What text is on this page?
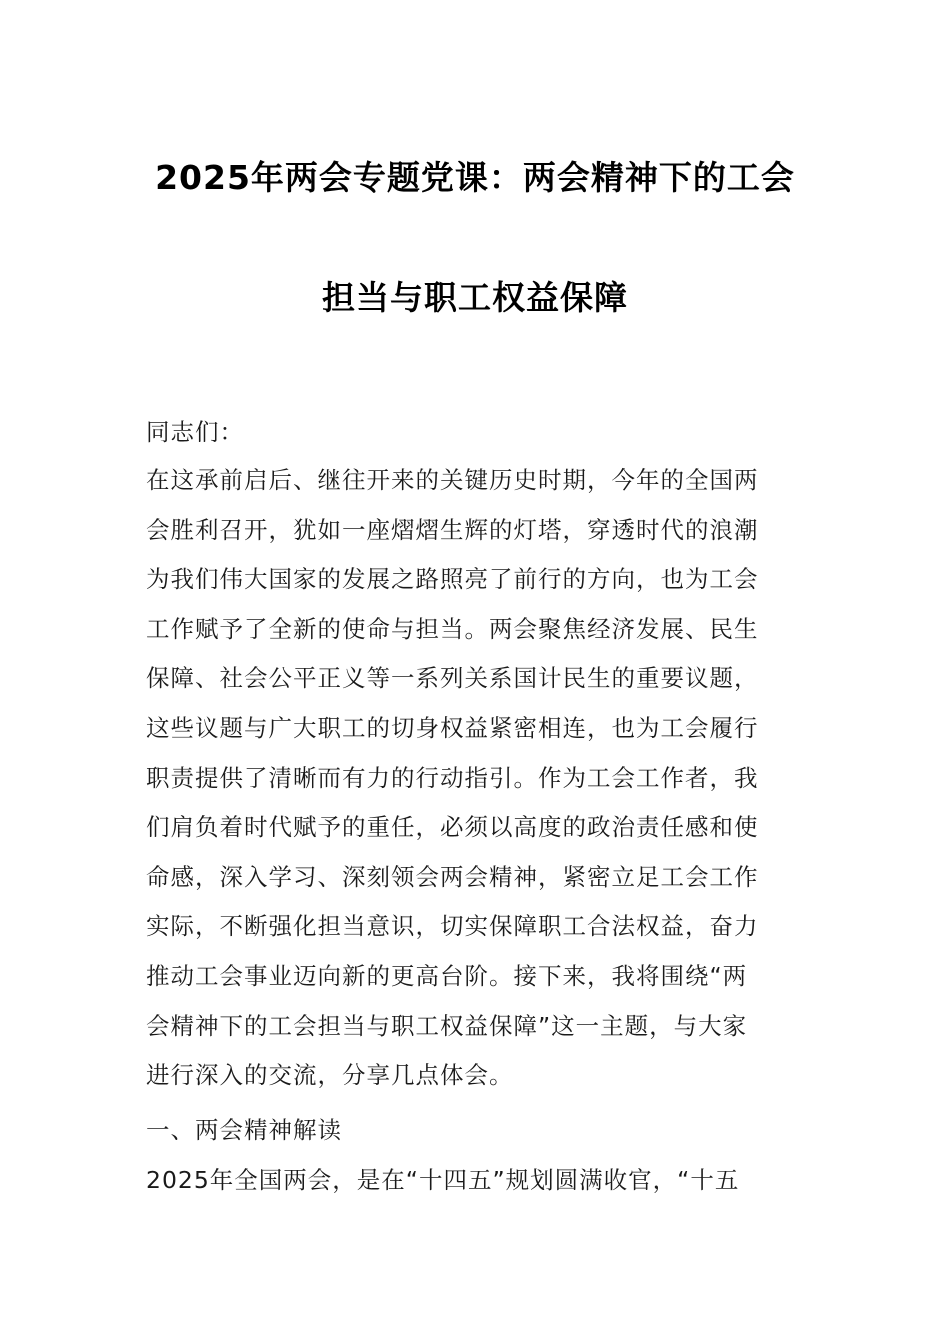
2025年两会专题党课：两会精神下的工会
担当与职工权益保障
同志们：
在这承前启后、继往开来的关键历史时期，今年的全国两
会胜利召开，犹如一座熠熠生辉的灯塔，穿透时代的浪潮
为我们伟大国家的发展之路照亮了前行的方向，也为工会
工作赋予了全新的使命与担当。两会聚焦经济发展、民生
保障、社会公平正义等一系列关系国计民生的重要议题，
这些议题与广大职工的切身权益紧密相连，也为工会履行
职责提供了清晰而有力的行动指引。作为工会工作者，我
们肩负着时代赋予的重任，必须以高度的政治责任感和使
命感，深入学习、深刻领会两会精神，紧密立足工会工作
实际，不断强化担当意识，切实保障职工合法权益，奋力
推动工会事业迈向新的更高台阶。接下来，我将围绕“两
会精神下的工会担当与职工权益保障”这一主题，与大家
进行深入的交流，分享几点体会。
一、两会精神解读
2025年全国两会，是在“十四五”规划圆满收官，“十五
